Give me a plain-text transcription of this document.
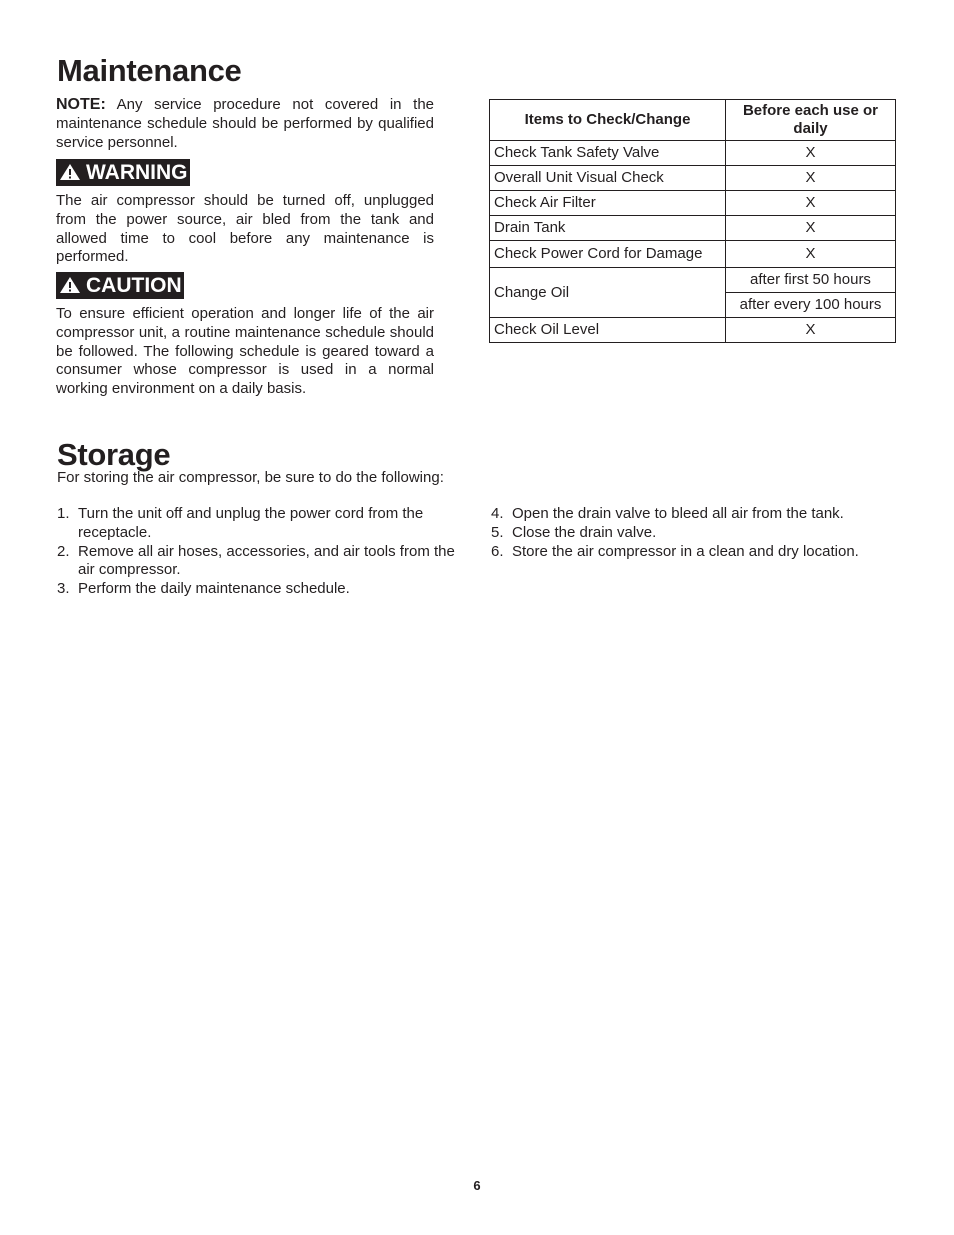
Maintenance

NOTE: Any service procedure not covered in the maintenance schedule should be performed by qualified service personnel.

WARNING

The air compressor should be turned off, unplugged from the power source, air bled from the tank and allowed time to cool before any maintenance is performed.

CAUTION

To ensure efficient operation and longer life of the air compressor unit, a routine maintenance schedule should be followed. The following schedule is geared toward a consumer whose compressor is used in a normal working environment on a daily basis.

Items to Check/Change	Before each use or daily
Check Tank Safety Valve	X
Overall Unit Visual Check	X
Check Air Filter	X
Drain Tank	X
Check Power Cord for Damage	X
Change Oil	after first 50 hours
	after every 100 hours
Check Oil Level	X
Storage

For storing the air compressor, be sure to do the following:

1. Turn the unit off and unplug the power cord from the receptacle.
2. Remove all air hoses, accessories, and air tools from the air compressor.
3. Perform the daily maintenance schedule.
4. Open the drain valve to bleed all air from the tank.
5. Close the drain valve.
6. Store the air compressor in a clean and dry location.
6
